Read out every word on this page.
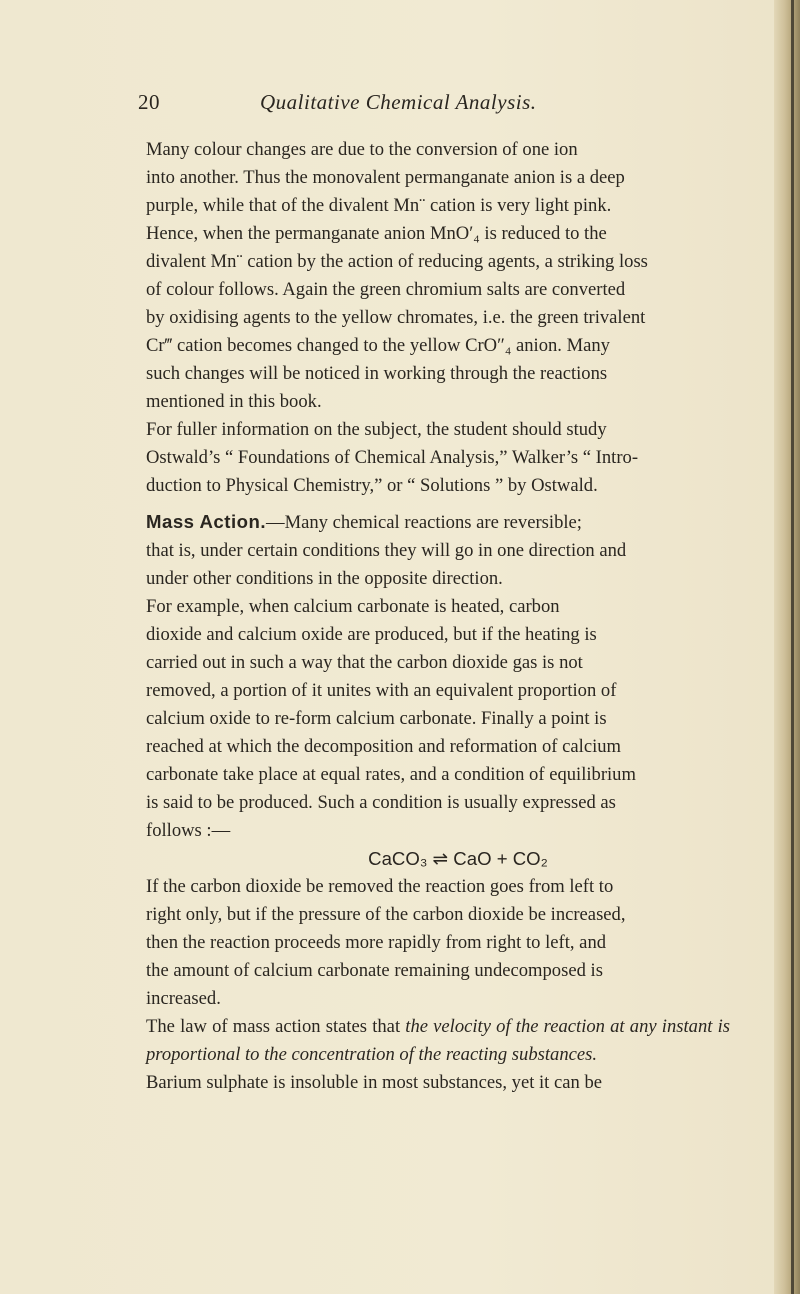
20	Qualitative Chemical Analysis.

Many colour changes are due to the conversion of one ion
into another. Thus the monovalent permanganate anion is a deep
purple, while that of the divalent Mn¨ cation is very light pink.
Hence, when the permanganate anion MnO′₄ is reduced to the
divalent Mn¨ cation by the action of reducing agents, a striking loss
of colour follows. Again the green chromium salts are converted
by oxidising agents to the yellow chromates, i.e. the green trivalent
Cr‴ cation becomes changed to the yellow CrO″₄ anion. Many
such changes will be noticed in working through the reactions
mentioned in this book.

For fuller information on the subject, the student should study
Ostwald’s “ Foundations of Chemical Analysis,” Walker’s “ Intro-
duction to Physical Chemistry,” or “ Solutions ” by Ostwald.

Mass Action.—Many chemical reactions are reversible;
that is, under certain conditions they will go in one direction and
under other conditions in the opposite direction.

For example, when calcium carbonate is heated, carbon
dioxide and calcium oxide are produced, but if the heating is
carried out in such a way that the carbon dioxide gas is not
removed, a portion of it unites with an equivalent proportion of
calcium oxide to re-form calcium carbonate. Finally a point is
reached at which the decomposition and reformation of calcium
carbonate take place at equal rates, and a condition of equilibrium
is said to be produced. Such a condition is usually expressed as
follows :—

CaCO₃ ⇌ CaO + CO₂

If the carbon dioxide be removed the reaction goes from left to
right only, but if the pressure of the carbon dioxide be increased,
then the reaction proceeds more rapidly from right to left, and
the amount of calcium carbonate remaining undecomposed is
increased.

The law of mass action states that the velocity of the reaction at any instant is proportional to the concentration of the reacting substances.

Barium sulphate is insoluble in most substances, yet it can be
